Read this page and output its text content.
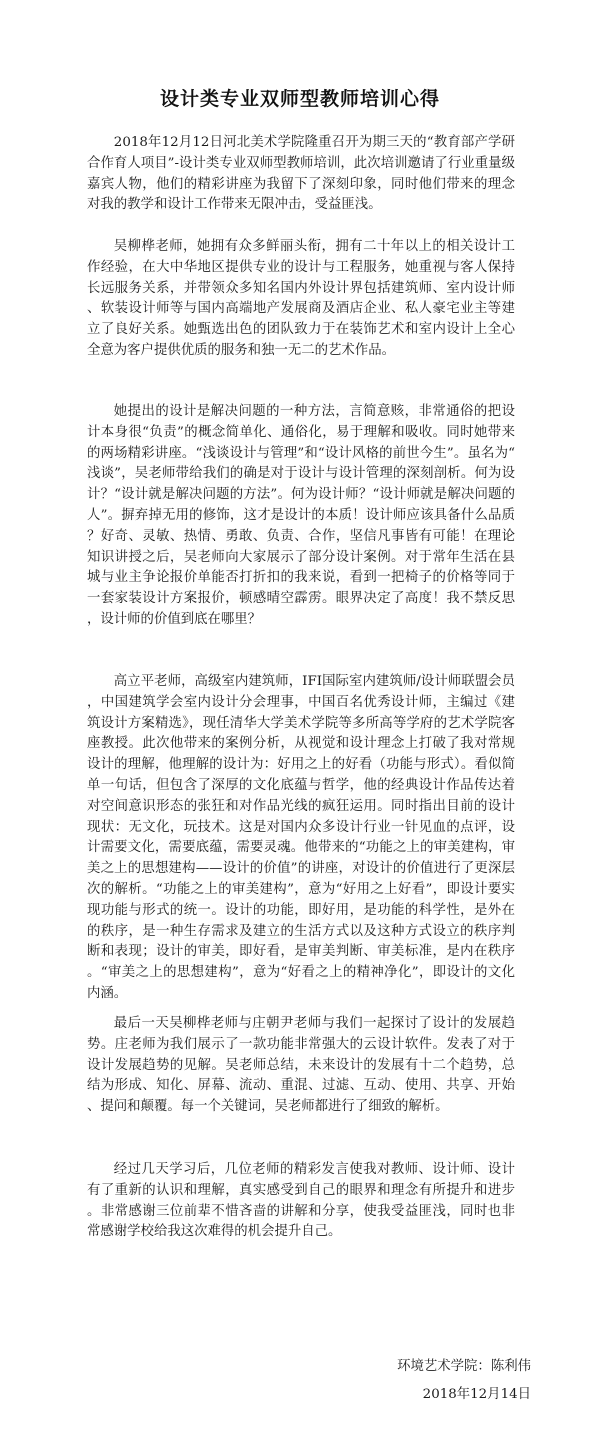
设计类专业双师型教师培训心得

2018年12月12日河北美术学院隆重召开为期三天的“教育部产学研合作育人项目”-设计类专业双师型教师培训，此次培训邀请了行业重量级嘉宾人物，他们的精彩讲座为我留下了深刻印象，同时他们带来的理念对我的教学和设计工作带来无限冲击，受益匪浅。

吴柳桦老师，她拥有众多鲜丽头衔，拥有二十年以上的相关设计工作经验，在大中华地区提供专业的设计与工程服务，她重视与客人保持长远服务关系，并带领众多知名国内外设计界包括建筑师、室内设计师、软装设计师等与国内高端地产发展商及酒店企业、私人豪宅业主等建立了良好关系。她甄选出色的团队致力于在装饰艺术和室内设计上全心全意为客户提供优质的服务和独一无二的艺术作品。

她提出的设计是解决问题的一种方法，言简意赅，非常通俗的把设计本身很“负责”的概念简单化、通俗化，易于理解和吸收。同时她带来的两场精彩讲座。“浅谈设计与管理”和“设计风格的前世今生”。虽名为“浅谈”，吴老师带给我们的确是对于设计与设计管理的深刻剖析。何为设计？“设计就是解决问题的方法”。何为设计师？“设计师就是解决问题的人”。摒弃掉无用的修饰，这才是设计的本质！设计师应该具备什么品质？好奇、灵敏、热情、勇敢、负责、合作，坚信凡事皆有可能！在理论知识讲授之后，吴老师向大家展示了部分设计案例。对于常年生活在县城与业主争论报价单能否打折扣的我来说，看到一把椅子的价格等同于一套家装设计方案报价，顿感晴空霹雳。眼界决定了高度！我不禁反思，设计师的价值到底在哪里？

高立平老师，高级室内建筑师，IFI国际室内建筑师/设计师联盟会员，中国建筑学会室内设计分会理事，中国百名优秀设计师，主编过《建筑设计方案精选》，现任清华大学美术学院等多所高等学府的艺术学院客座教授。此次他带来的案例分析，从视觉和设计理念上打破了我对常规设计的理解，他理解的设计为：好用之上的好看（功能与形式）。看似简单一句话，但包含了深厚的文化底蕴与哲学，他的经典设计作品传达着对空间意识形态的张狂和对作品光线的疯狂运用。同时指出目前的设计现状：无文化，玩技术。这是对国内众多设计行业一针见血的点评，设计需要文化，需要底蕴，需要灵魂。他带来的“功能之上的审美建构，审美之上的思想建构——设计的价值”的讲座，对设计的价值进行了更深层次的解析。“功能之上的审美建构”，意为“好用之上好看”，即设计要实现功能与形式的统一。设计的功能，即好用，是功能的科学性，是外在的秩序，是一种生存需求及建立的生活方式以及这种方式设立的秩序判断和表现；设计的审美，即好看，是审美判断、审美标准，是内在秩序。“审美之上的思想建构”，意为“好看之上的精神净化”，即设计的文化内涵。

最后一天吴柳桦老师与庄朝尹老师与我们一起探讨了设计的发展趋势。庄老师为我们展示了一款功能非常强大的云设计软件。发表了对于设计发展趋势的见解。吴老师总结，未来设计的发展有十二个趋势，总结为形成、知化、屏幕、流动、重混、过滤、互动、使用、共享、开始、提问和颠覆。每一个关键词，吴老师都进行了细致的解析。

经过几天学习后，几位老师的精彩发言使我对教师、设计师、设计有了重新的认识和理解，真实感受到自己的眼界和理念有所提升和进步。非常感谢三位前辈不惜吝啬的讲解和分享，使我受益匪浅，同时也非常感谢学校给我这次难得的机会提升自己。

环境艺术学院：陈利伟
2018年12月14日
